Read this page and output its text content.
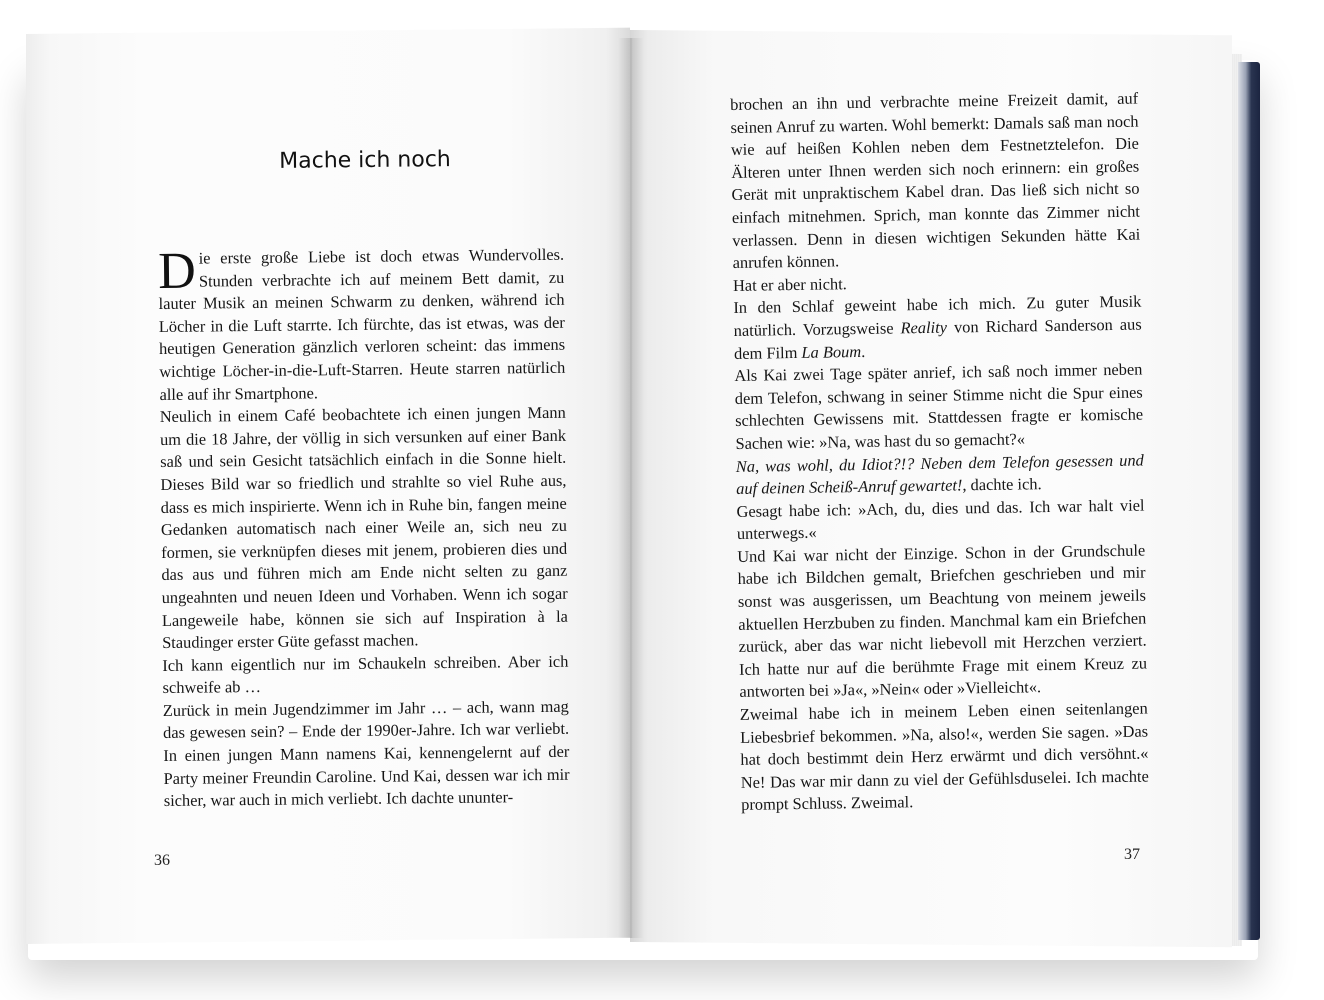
Mache ich noch

Die erste große Liebe ist doch etwas Wundervolles. Stunden verbrachte ich auf meinem Bett damit, zu lauter Musik an meinen Schwarm zu denken, während ich Löcher in die Luft starrte. Ich fürchte, das ist etwas, was der heutigen Generation gänzlich verloren scheint: das immens wichtige Löcher-in-die-Luft-Starren. Heute starren natürlich alle auf ihr Smartphone.

Neulich in einem Café beobachtete ich einen jungen Mann um die 18 Jahre, der völlig in sich versunken auf einer Bank saß und sein Gesicht tatsächlich einfach in die Sonne hielt. Dieses Bild war so friedlich und strahlte so viel Ruhe aus, dass es mich inspirierte. Wenn ich in Ruhe bin, fangen meine Gedanken automatisch nach einer Weile an, sich neu zu formen, sie verknüpfen dieses mit jenem, probieren dies und das aus und führen mich am Ende nicht selten zu ganz ungeahnten und neuen Ideen und Vorhaben. Wenn ich sogar Langeweile habe, können sie sich auf Inspiration à la Staudinger erster Güte gefasst machen.

Ich kann eigentlich nur im Schaukeln schreiben. Aber ich schweife ab …

Zurück in mein Jugendzimmer im Jahr … – ach, wann mag das gewesen sein? – Ende der 1990er-Jahre. Ich war verliebt. In einen jungen Mann namens Kai, kennengelernt auf der Party meiner Freundin Caroline. Und Kai, dessen war ich mir sicher, war auch in mich verliebt. Ich dachte ununter-

36

brochen an ihn und verbrachte meine Freizeit damit, auf seinen Anruf zu warten. Wohl bemerkt: Damals saß man noch wie auf heißen Kohlen neben dem Festnetztelefon. Die Älteren unter Ihnen werden sich noch erinnern: ein großes Gerät mit unpraktischem Kabel dran. Das ließ sich nicht so einfach mitnehmen. Sprich, man konnte das Zimmer nicht verlassen. Denn in diesen wichtigen Sekunden hätte Kai anrufen können.

Hat er aber nicht.

In den Schlaf geweint habe ich mich. Zu guter Musik natürlich. Vorzugsweise Reality von Richard Sanderson aus dem Film La Boum.

Als Kai zwei Tage später anrief, ich saß noch immer neben dem Telefon, schwang in seiner Stimme nicht die Spur eines schlechten Gewissens mit. Stattdessen fragte er komische Sachen wie: »Na, was hast du so gemacht?«

Na, was wohl, du Idiot?!? Neben dem Telefon gesessen und auf deinen Scheiß-Anruf gewartet!, dachte ich.

Gesagt habe ich: »Ach, du, dies und das. Ich war halt viel unterwegs.«

Und Kai war nicht der Einzige. Schon in der Grundschule habe ich Bildchen gemalt, Briefchen geschrieben und mir sonst was ausgerissen, um Beachtung von meinem jeweils aktuellen Herzbuben zu finden. Manchmal kam ein Briefchen zurück, aber das war nicht liebevoll mit Herzchen verziert. Ich hatte nur auf die berühmte Frage mit einem Kreuz zu antworten bei »Ja«, »Nein« oder »Vielleicht«.

Zweimal habe ich in meinem Leben einen seitenlangen Liebesbrief bekommen. »Na, also!«, werden Sie sagen. »Das hat doch bestimmt dein Herz erwärmt und dich versöhnt.« Ne! Das war mir dann zu viel der Gefühlsduselei. Ich machte prompt Schluss. Zweimal.

37
